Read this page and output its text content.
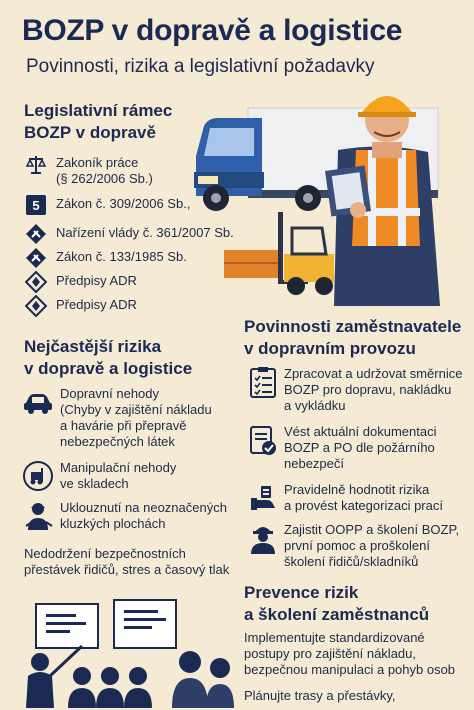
BOZP v dopravě a logistice
Povinnosti, rizika a legislativní požadavky
Legislativní rámec
BOZP v dopravě
Zakoník práce
(§ 262/2006 Sb.)
5 Zákon č. 309/2006 Sb.,
Nařízení vlády č. 361/2007 Sb.
Zákon č. 133/1985 Sb.
Předpisy ADR
Předpisy ADR
Nejčastější rizika
v dopravě a logistice
Dopravní nehody
(Chyby v zajištění nákladu
a havárie při přepravě
nebezpečných látek
Manipulační nehody
ve skladech
Uklouznutí na neoznačených
kluzkých plochách
Nedodržení bezpečnostních
přestávek řidičů, stres a časový tlak
Povinnosti zaměstnavatele
v dopravním provozu
Zpracovat a udržovat směrnice
BOZP pro dopravu, nakládku
a vykládku
Vést aktuální dokumentaci
BOZP a PO dle požárního
nebezpečí
Pravidelně hodnotit rizika
a provést kategorizaci prací
Zajistit OOPP a školení BOZP,
první pomoc a proškolení
školení řidičů/skladníků
Prevence rizik
a školení zaměstnanců
Implementujte standardizované
postupy pro zajištění nákladu,
bezpečnou manipulaci a pohyb osob
Plánujte trasy a přestávky,
